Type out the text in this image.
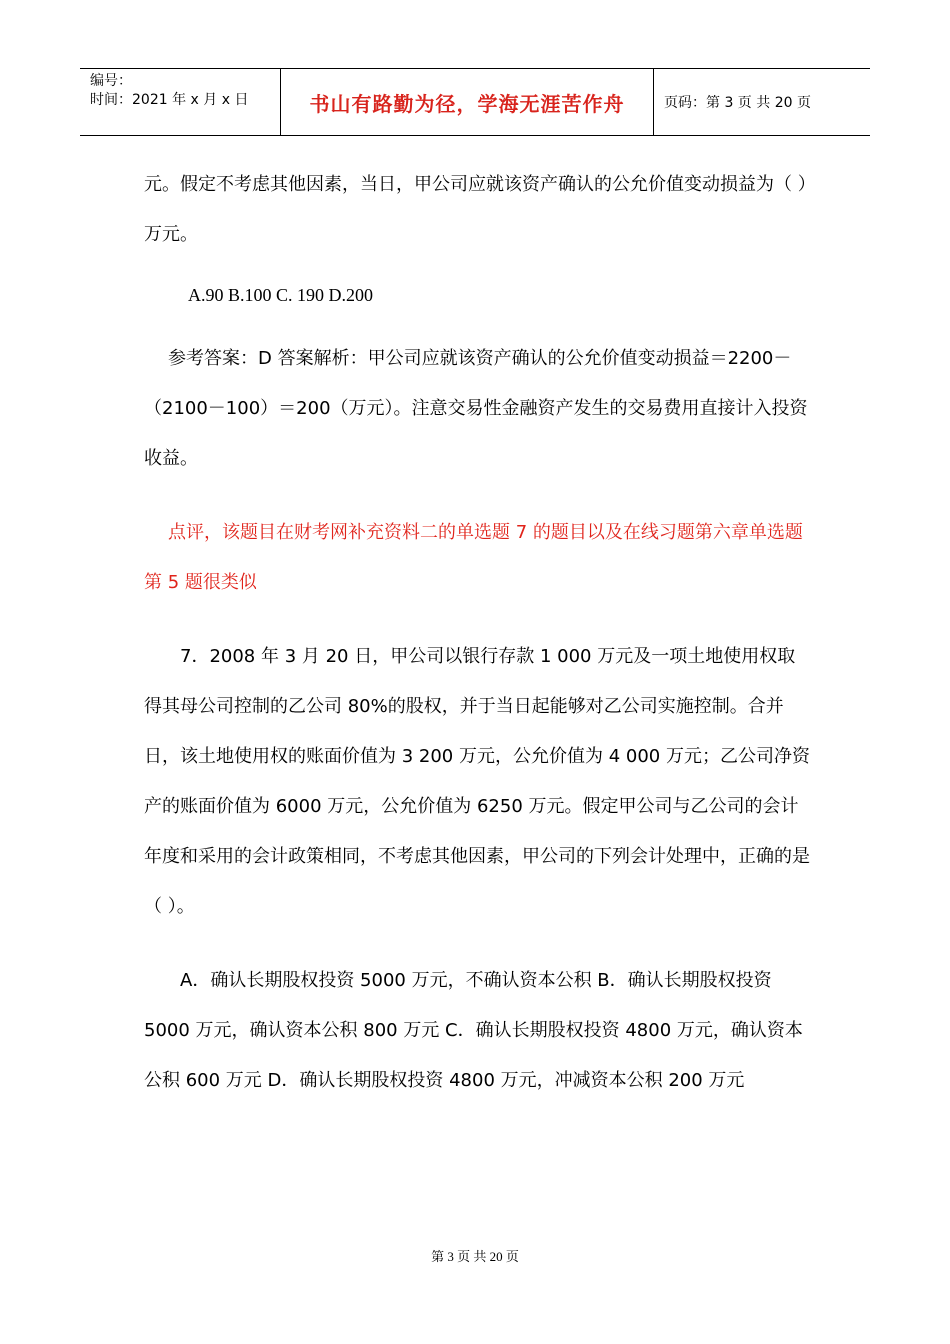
编号：
时间：2021 年 x 月 x 日	书山有路勤为径，学海无涯苦作舟	页码：第 3 页 共 20 页

元。假定不考虑其他因素，当日，甲公司应就该资产确认的公允价值变动损益为（ ）万元。

A.90 B.100 C. 190 D.200

参考答案：D 答案解析：甲公司应就该资产确认的公允价值变动损益＝2200－（2100－100）＝200（万元）。注意交易性金融资产发生的交易费用直接计入投资收益。

点评，该题目在财考网补充资料二的单选题 7 的题目以及在线习题第六章单选题第 5 题很类似

7．2008 年 3 月 20 日，甲公司以银行存款 1 000 万元及一项土地使用权取得其母公司控制的乙公司 80%的股权，并于当日起能够对乙公司实施控制。合并日，该土地使用权的账面价值为 3 200 万元，公允价值为 4 000 万元；乙公司净资产的账面价值为 6000 万元，公允价值为 6250 万元。假定甲公司与乙公司的会计年度和采用的会计政策相同，不考虑其他因素，甲公司的下列会计处理中，正确的是（ ）。

A．确认长期股权投资 5000 万元，不确认资本公积 B．确认长期股权投资 5000 万元，确认资本公积 800 万元 C．确认长期股权投资 4800 万元，确认资本公积 600 万元 D．确认长期股权投资 4800 万元，冲减资本公积 200 万元

第 3 页 共 20 页
